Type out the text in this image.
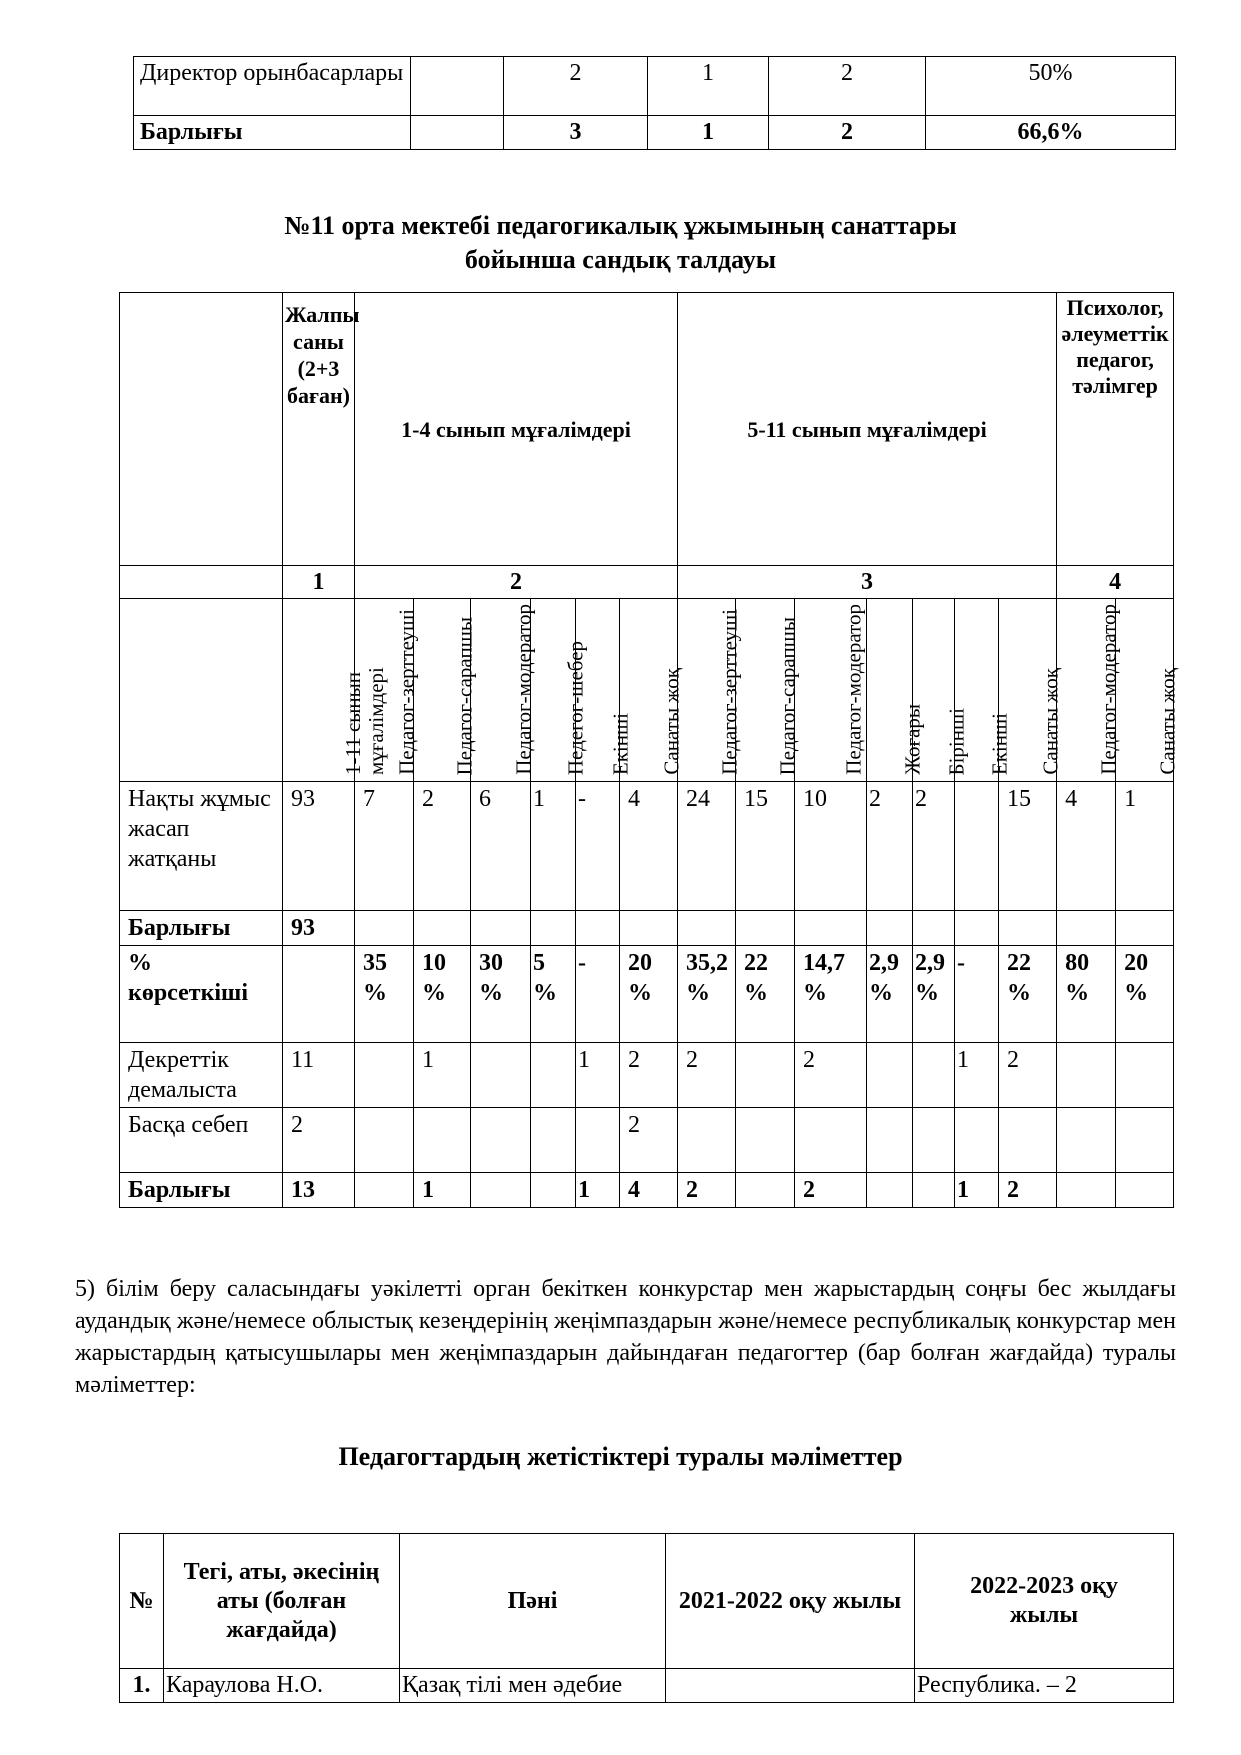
Директор орынбасарлары		2	1	2	50%
Барлығы		3	1	2	66,6%
№11 орта мектебі педагогикалық ұжымының санаттары
бойынша сандық талдауы
	Жалпы саны (2+3 баған)	1-4 сынып мұғалімдері						5-11 сынып мұғалімдері							Психолог, әлеуметтік педагог, тәлімгер	
	1	2						3							4	

	1-11 сынып мұғалімдері	Педагог-зерттеуші	Педагог-сарапшы	Педагог-модератор	Педегог-шебер	Екінші	Санаты жоқ	Педагог-зерттеуші	Педагог-сарапшы	Педагог-модератор	Жоғары	Бірінші	Екінші	Санаты жоқ	Педагог-модератор	Санаты жоқ

Нақты жұмыс жасап жатқаны	93	7	2	6	1	-	4	24	15	10	2	2		15	4	1
Барлығы	93															
% көрсеткіші		35 %	10 %	30 %	5 %	-	20 %	35,2 %	22 %	14,7 %	2,9 %	2,9 %	-	22 %	80 %	20 %
Декреттік демалыста	11		1			1	2	2		2			1	2		
Басқа себеп	2						2									
Барлығы	13		1			1	4	2		2			1	2		
5) білім беру саласындағы уәкілетті орган бекіткен конкурстар мен жарыстардың соңғы бес жылдағы аудандық және/немесе облыстық кезеңдерінің жеңімпаздарын және/немесе республикалық конкурстар мен жарыстардың қатысушылары мен жеңімпаздарын дайындаған педагогтер (бар болған жағдайда) туралы мәліметтер:
Педагогтардың жетістіктері туралы мәліметтер
№	Тегі, аты, әкесінің аты (болған жағдайда)	Пәні	2021-2022 оқу жылы	2022-2023 оқу жылы
1.	Караулова Н.О.	Қазақ тілі мен әдебие		Республика. – 2
